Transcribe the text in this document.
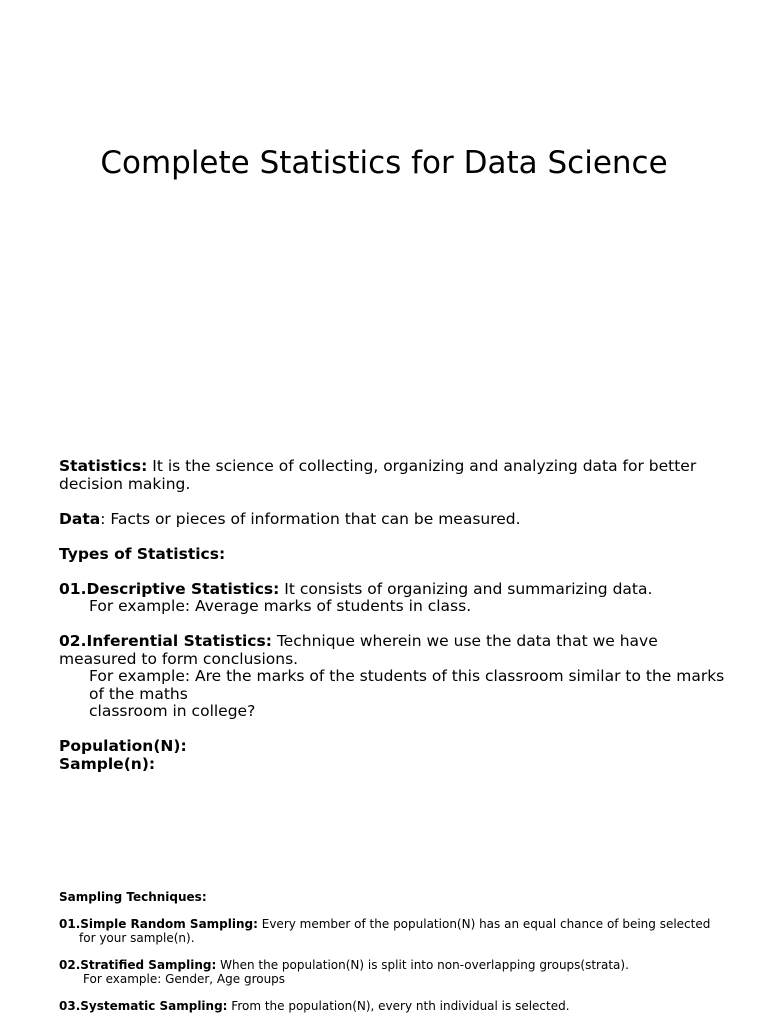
Complete Statistics for Data Science

Statistics: It is the science of collecting, organizing and analyzing data for better decision making.

Data: Facts or pieces of information that can be measured.

Types of Statistics:

01.Descriptive Statistics: It consists of organizing and summarizing data.
For example: Average marks of students in class.

02.Inferential Statistics: Technique wherein we use the data that we have measured to form conclusions.
For example: Are the marks of the students of this classroom similar to the marks of the maths
classroom in college?

Population(N):

Sample(n):

Sampling Techniques:

01.Simple Random Sampling: Every member of the population(N) has an equal chance of being selected
for your sample(n).

02.Stratified Sampling: When the population(N) is split into non-overlapping groups(strata).
For example: Gender, Age groups

03.Systematic Sampling: From the population(N), every nth individual is selected.
